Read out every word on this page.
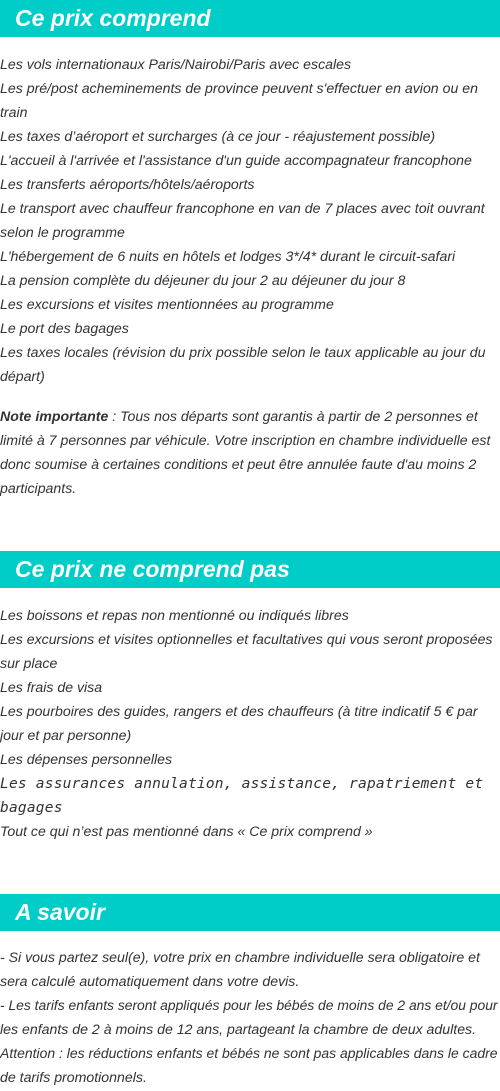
Ce prix comprend
Les vols internationaux Paris/Nairobi/Paris avec escales
Les pré/post acheminements de province peuvent s'effectuer en avion ou en
train
Les taxes d’aéroport et surcharges (à ce jour - réajustement possible)
L'accueil à l'arrivée et l'assistance d'un guide accompagnateur francophone
Les transferts aéroports/hôtels/aéroports
Le transport avec chauffeur francophone en van de 7 places avec toit ouvrant
selon le programme
L'hébergement de 6 nuits en hôtels et lodges 3*/4* durant le circuit-safari
La pension complète du déjeuner du jour 2 au déjeuner du jour 8
Les excursions et visites mentionnées au programme
Le port des bagages
Les taxes locales (révision du prix possible selon le taux applicable au jour du
départ)
Note importante : Tous nos départs sont garantis à partir de 2 personnes et
limité à 7 personnes par véhicule. Votre inscription en chambre individuelle est
donc soumise à certaines conditions et peut être annulée faute d'au moins 2
participants.
Ce prix ne comprend pas
Les boissons et repas non mentionné ou indiqués libres
Les excursions et visites optionnelles et facultatives qui vous seront proposées
sur place
Les frais de visa
Les pourboires des guides, rangers et des chauffeurs (à titre indicatif 5 € par
jour et par personne)
Les dépenses personnelles
Les assurances annulation, assistance, rapatriement et
bagages
Tout ce qui n’est pas mentionné dans « Ce prix comprend »
A savoir
- Si vous partez seul(e), votre prix en chambre individuelle sera obligatoire et
sera calculé automatiquement dans votre devis.
- Les tarifs enfants seront appliqués pour les bébés de moins de 2 ans et/ou pour
les enfants de 2 à moins de 12 ans, partageant la chambre de deux adultes.
Attention : les réductions enfants et bébés ne sont pas applicables dans le cadre
de tarifs promotionnels.
